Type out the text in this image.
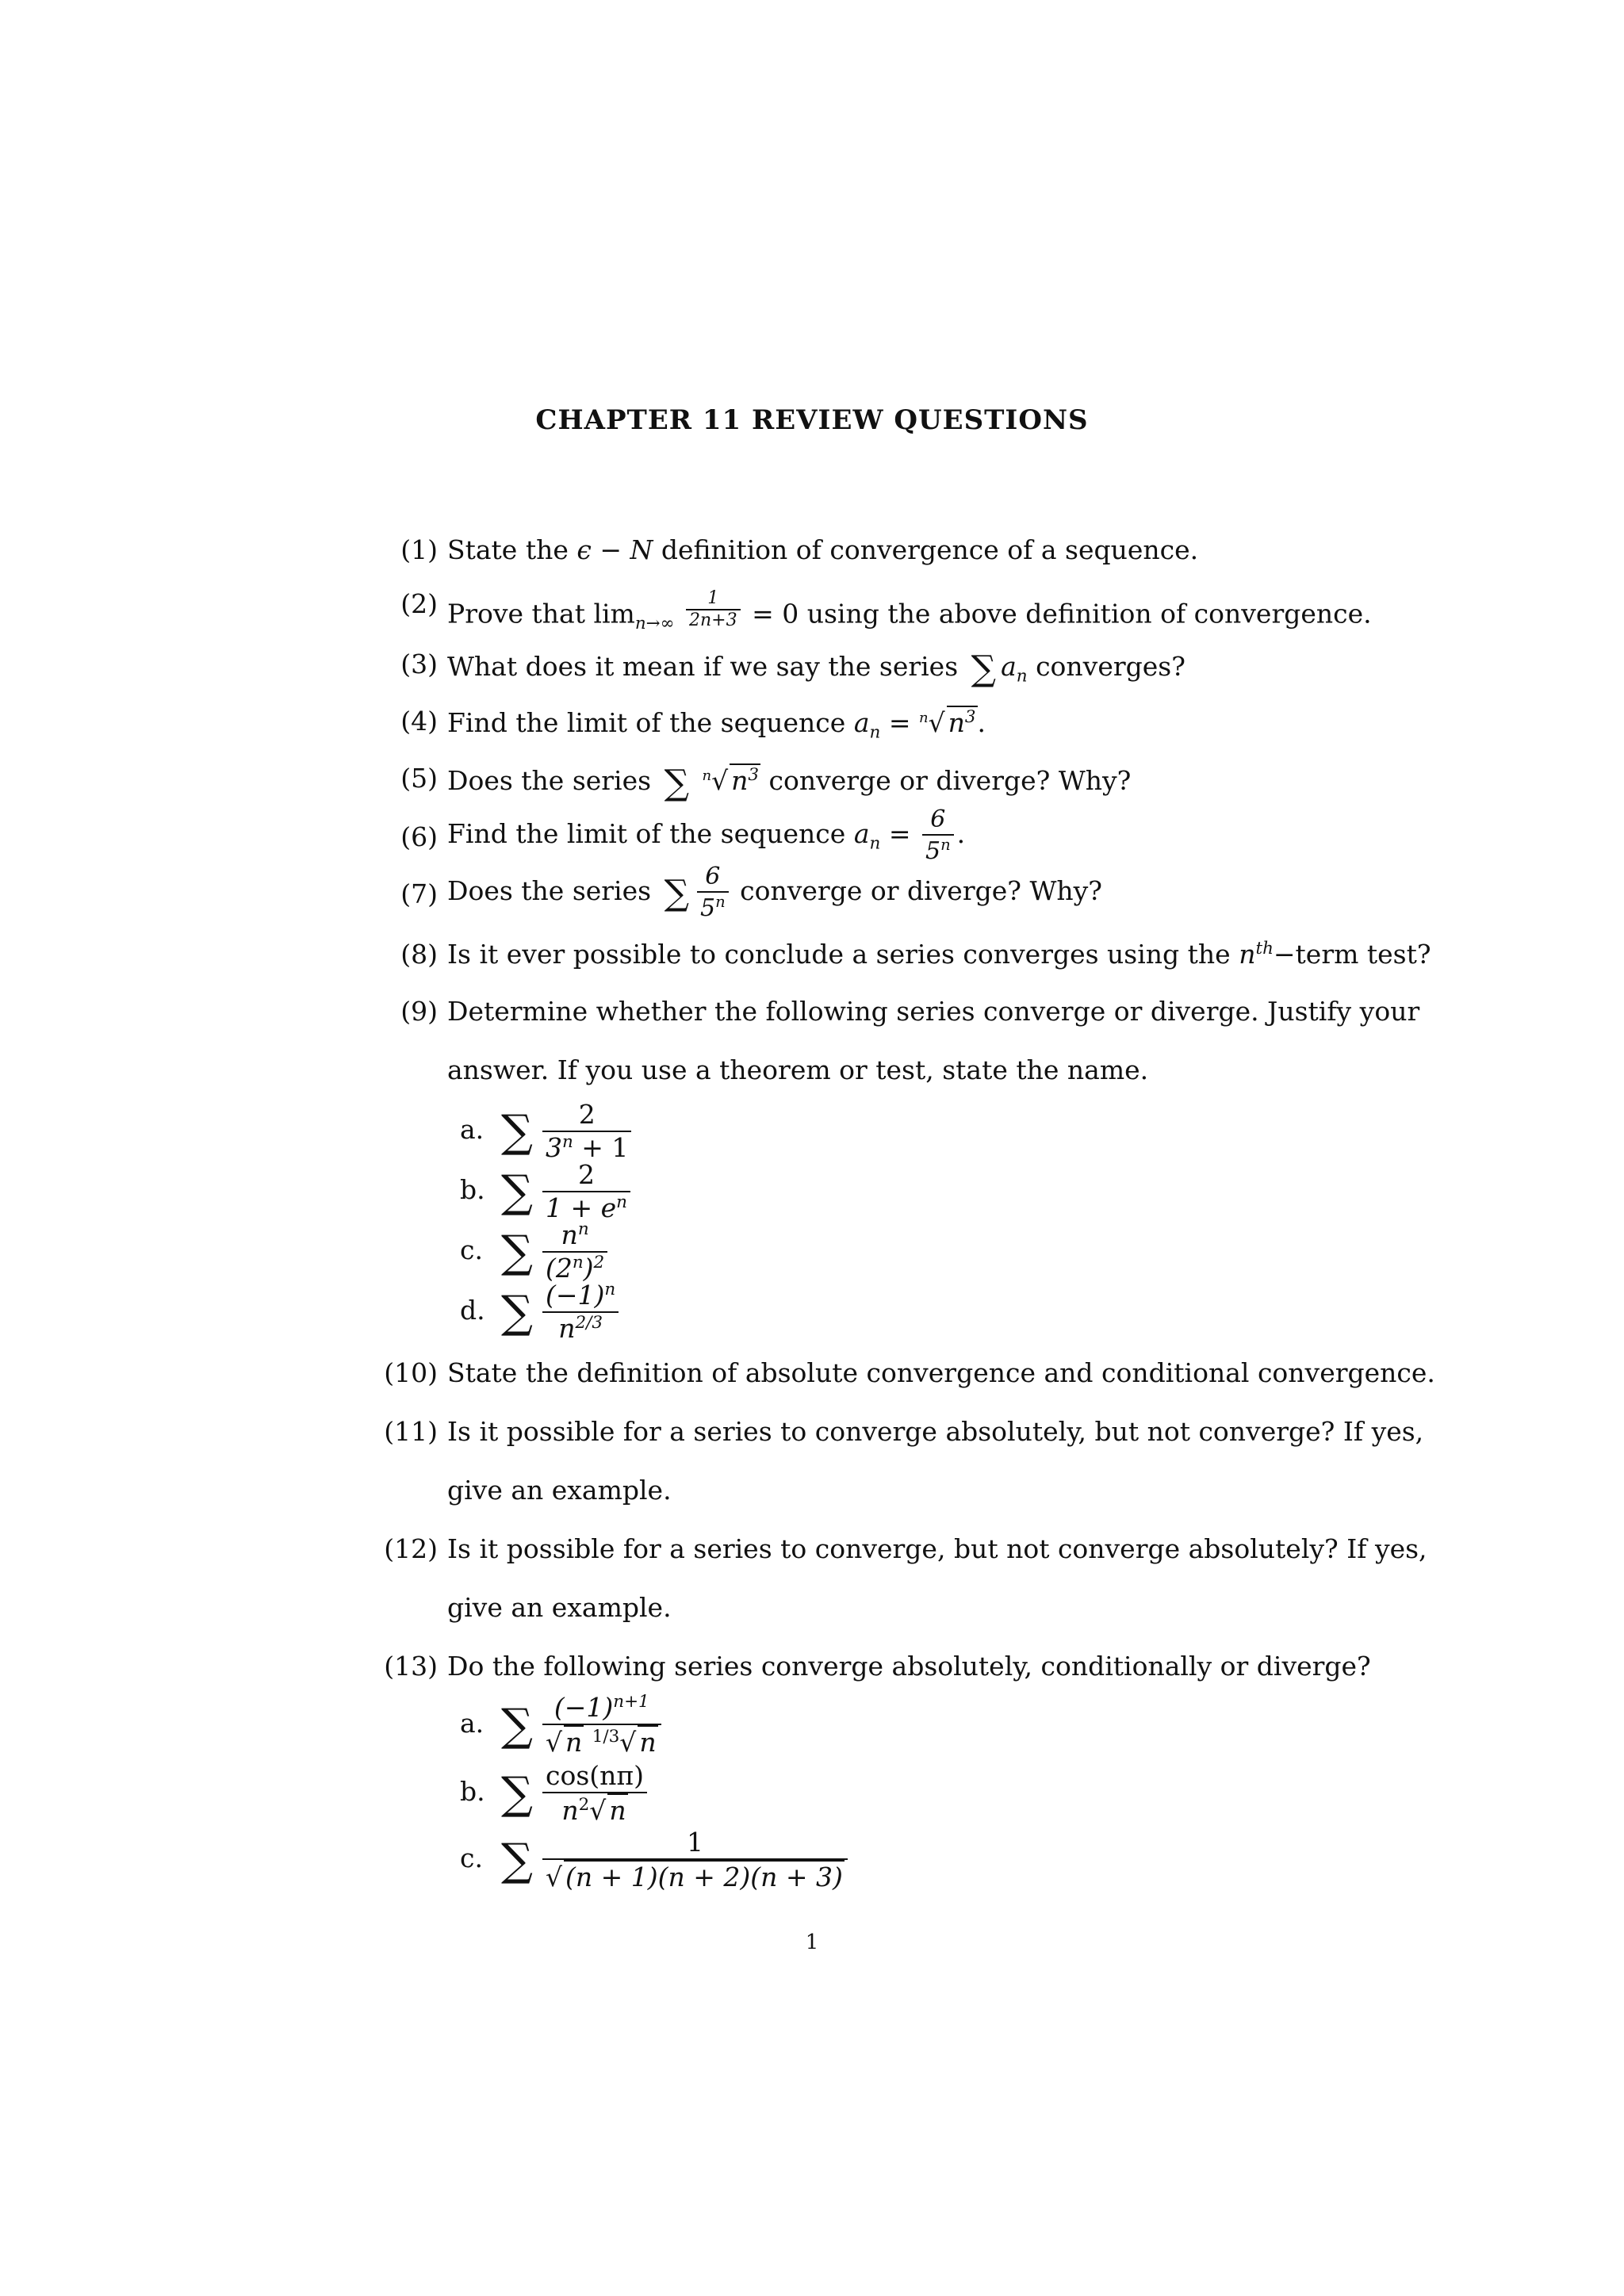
CHAPTER 11 REVIEW QUESTIONS
(1) State the ϵ − N definition of convergence of a sequence.
(2) Prove that $\lim_{n\to\infty} \frac{1}{2n+3} = 0$ using the above definition of convergence.
(3) What does it mean if we say the series ∑ $a_n$ converges?
(4) Find the limit of the sequence $a_n = ^n√$ $n^3$.
(5) Does the series ∑ $^n$√ $n^3$ converge or diverge? Why?
(6) Find the limit of the sequence $a_n = \frac{6}{5^n}$ .
(7) Does the series ∑ $\frac{6}{5^n}$ converge or diverge? Why?
(8) Is it ever possible to conclude a series converges using the $n^{th}-term$ test?
(9) Determine whether the following series converge or diverge. Justify your
answer. If you use a theorem or test, state the name.
a. ∑ $\frac{2}{3^n + 1}$
b. ∑ $\frac{2}{1 + e^n}$
c. ∑ $\frac{n^n}{(2^n)^2}$
d. ∑ $\frac{(-1)^n}{n^{2/3}}$
(10) State the definition of absolute convergence and conditional convergence.
(11) Is it possible for a series to converge absolutely, but not converge? If yes,
give an example.
(12) Is it possible for a series to converge, but not converge absolutely? If yes,
give an example.
(13) Do the following series converge absolutely, conditionally or diverge?
a. ∑ $\frac{(-1)^{n+1}}{√ n ^{1/3}√ n}$
b. ∑ $\frac{\cos(n\pi)}{n^2√ n}$
c. ∑ $\frac{1}{√ (n + 1)(n + 2)(n + 3)}$
1
